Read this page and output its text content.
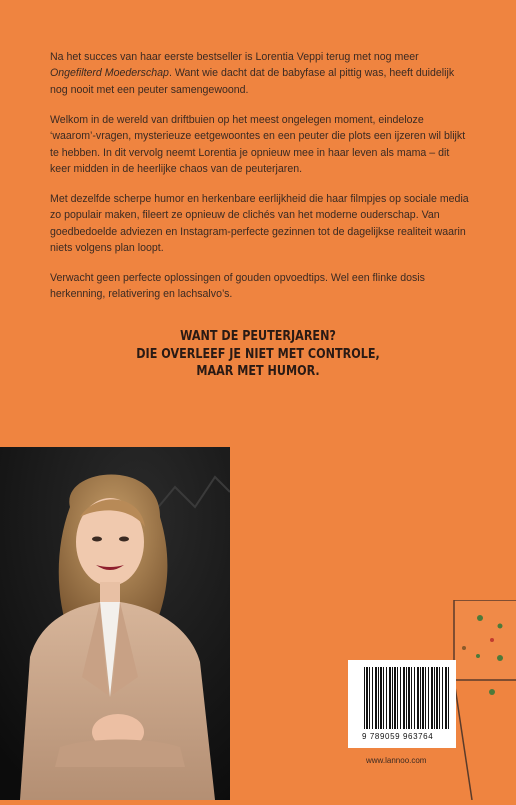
Na het succes van haar eerste bestseller is Lorentia Veppi terug met nog meer Ongefilterd Moederschap. Want wie dacht dat de babyfase al pittig was, heeft duidelijk nog nooit met een peuter samengewoond.

Welkom in de wereld van driftbuien op het meest ongelegen moment, eindeloze ‘waarom’-vragen, mysterieuze eetgewoontes en een peuter die plots een ijzeren wil blijkt te hebben. In dit vervolg neemt Lorentia je opnieuw mee in haar leven als mama – dit keer midden in de heerlijke chaos van de peuterjaren.

Met dezelfde scherpe humor en herkenbare eerlijkheid die haar filmpjes op sociale media zo populair maken, fileert ze opnieuw de clichés van het moderne ouderschap. Van goedbedoelde adviezen en Instagram-perfecte gezinnen tot de dagelijkse realiteit waarin niets volgens plan loopt.

Verwacht geen perfecte oplossingen of gouden opvoedtips. Wel een flinke dosis herkenning, relativering en lachsalvo’s.

WANT DE PEUTERJAREN?
DIE OVERLEEF JE NIET MET CONTROLE,
MAAR MET HUMOR.
9 789059 963764
www.lannoo.com
